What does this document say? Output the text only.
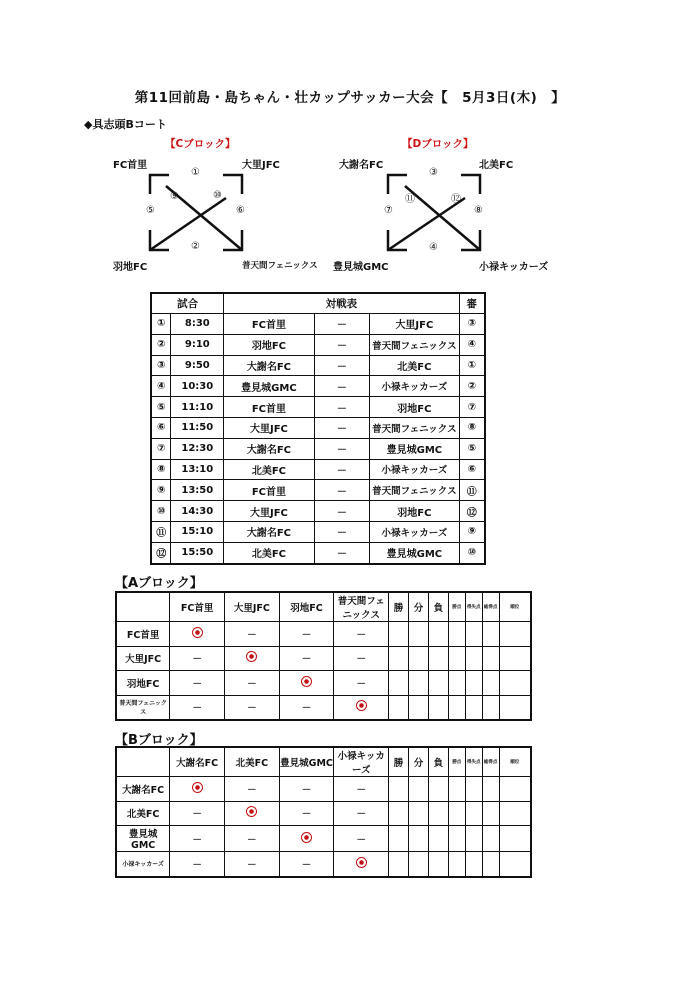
第11回前島・島ちゃん・壮カップサッカー大会【　5月3日(木)　】
◆具志頭Bコート
【Cブロック】
FC首里	大里JFC
羽地FC	普天間フェニックス
①
②
⑤	⑥
⑨	⑩
【Dブロック】
大謝名FC	北美FC
豊見城GMC	小禄キッカーズ
③
④
⑦	⑧
⑪	⑫
試合		対戦表			審
①	8:30	FC首里	－	大里JFC	③
②	9:10	羽地FC	－	普天間フェニックス	④
③	9:50	大謝名FC	－	北美FC	①
④	10:30	豊見城GMC	－	小禄キッカーズ	②
⑤	11:10	FC首里	－	羽地FC	⑦
⑥	11:50	大里JFC	－	普天間フェニックス	⑧
⑦	12:30	大謝名FC	－	豊見城GMC	⑤
⑧	13:10	北美FC	－	小禄キッカーズ	⑥
⑨	13:50	FC首里	－	普天間フェニックス	⑪
⑩	14:30	大里JFC	－	羽地FC	⑫
⑪	15:10	大謝名FC	－	小禄キッカーズ	⑨
⑫	15:50	北美FC	－	豊見城GMC	⑩
【Aブロック】
	FC首里	大里JFC	羽地FC	普天間フェニックス	勝	分	負	勝点	得失点	総得点	順位
FC首里		－	－	－							
大里JFC	－		－	－							
羽地FC	－	－		－							
普天間フェニックス	－	－	－								
【Bブロック】
	大謝名FC	北美FC	豊見城GMC	小禄キッカーズ	勝	分	負	勝点	得失点	総得点	順位
大謝名FC		－	－	－							
北美FC	－		－	－							
豊見城GMC	－	－		－							
小禄キッカーズ	－	－	－								
